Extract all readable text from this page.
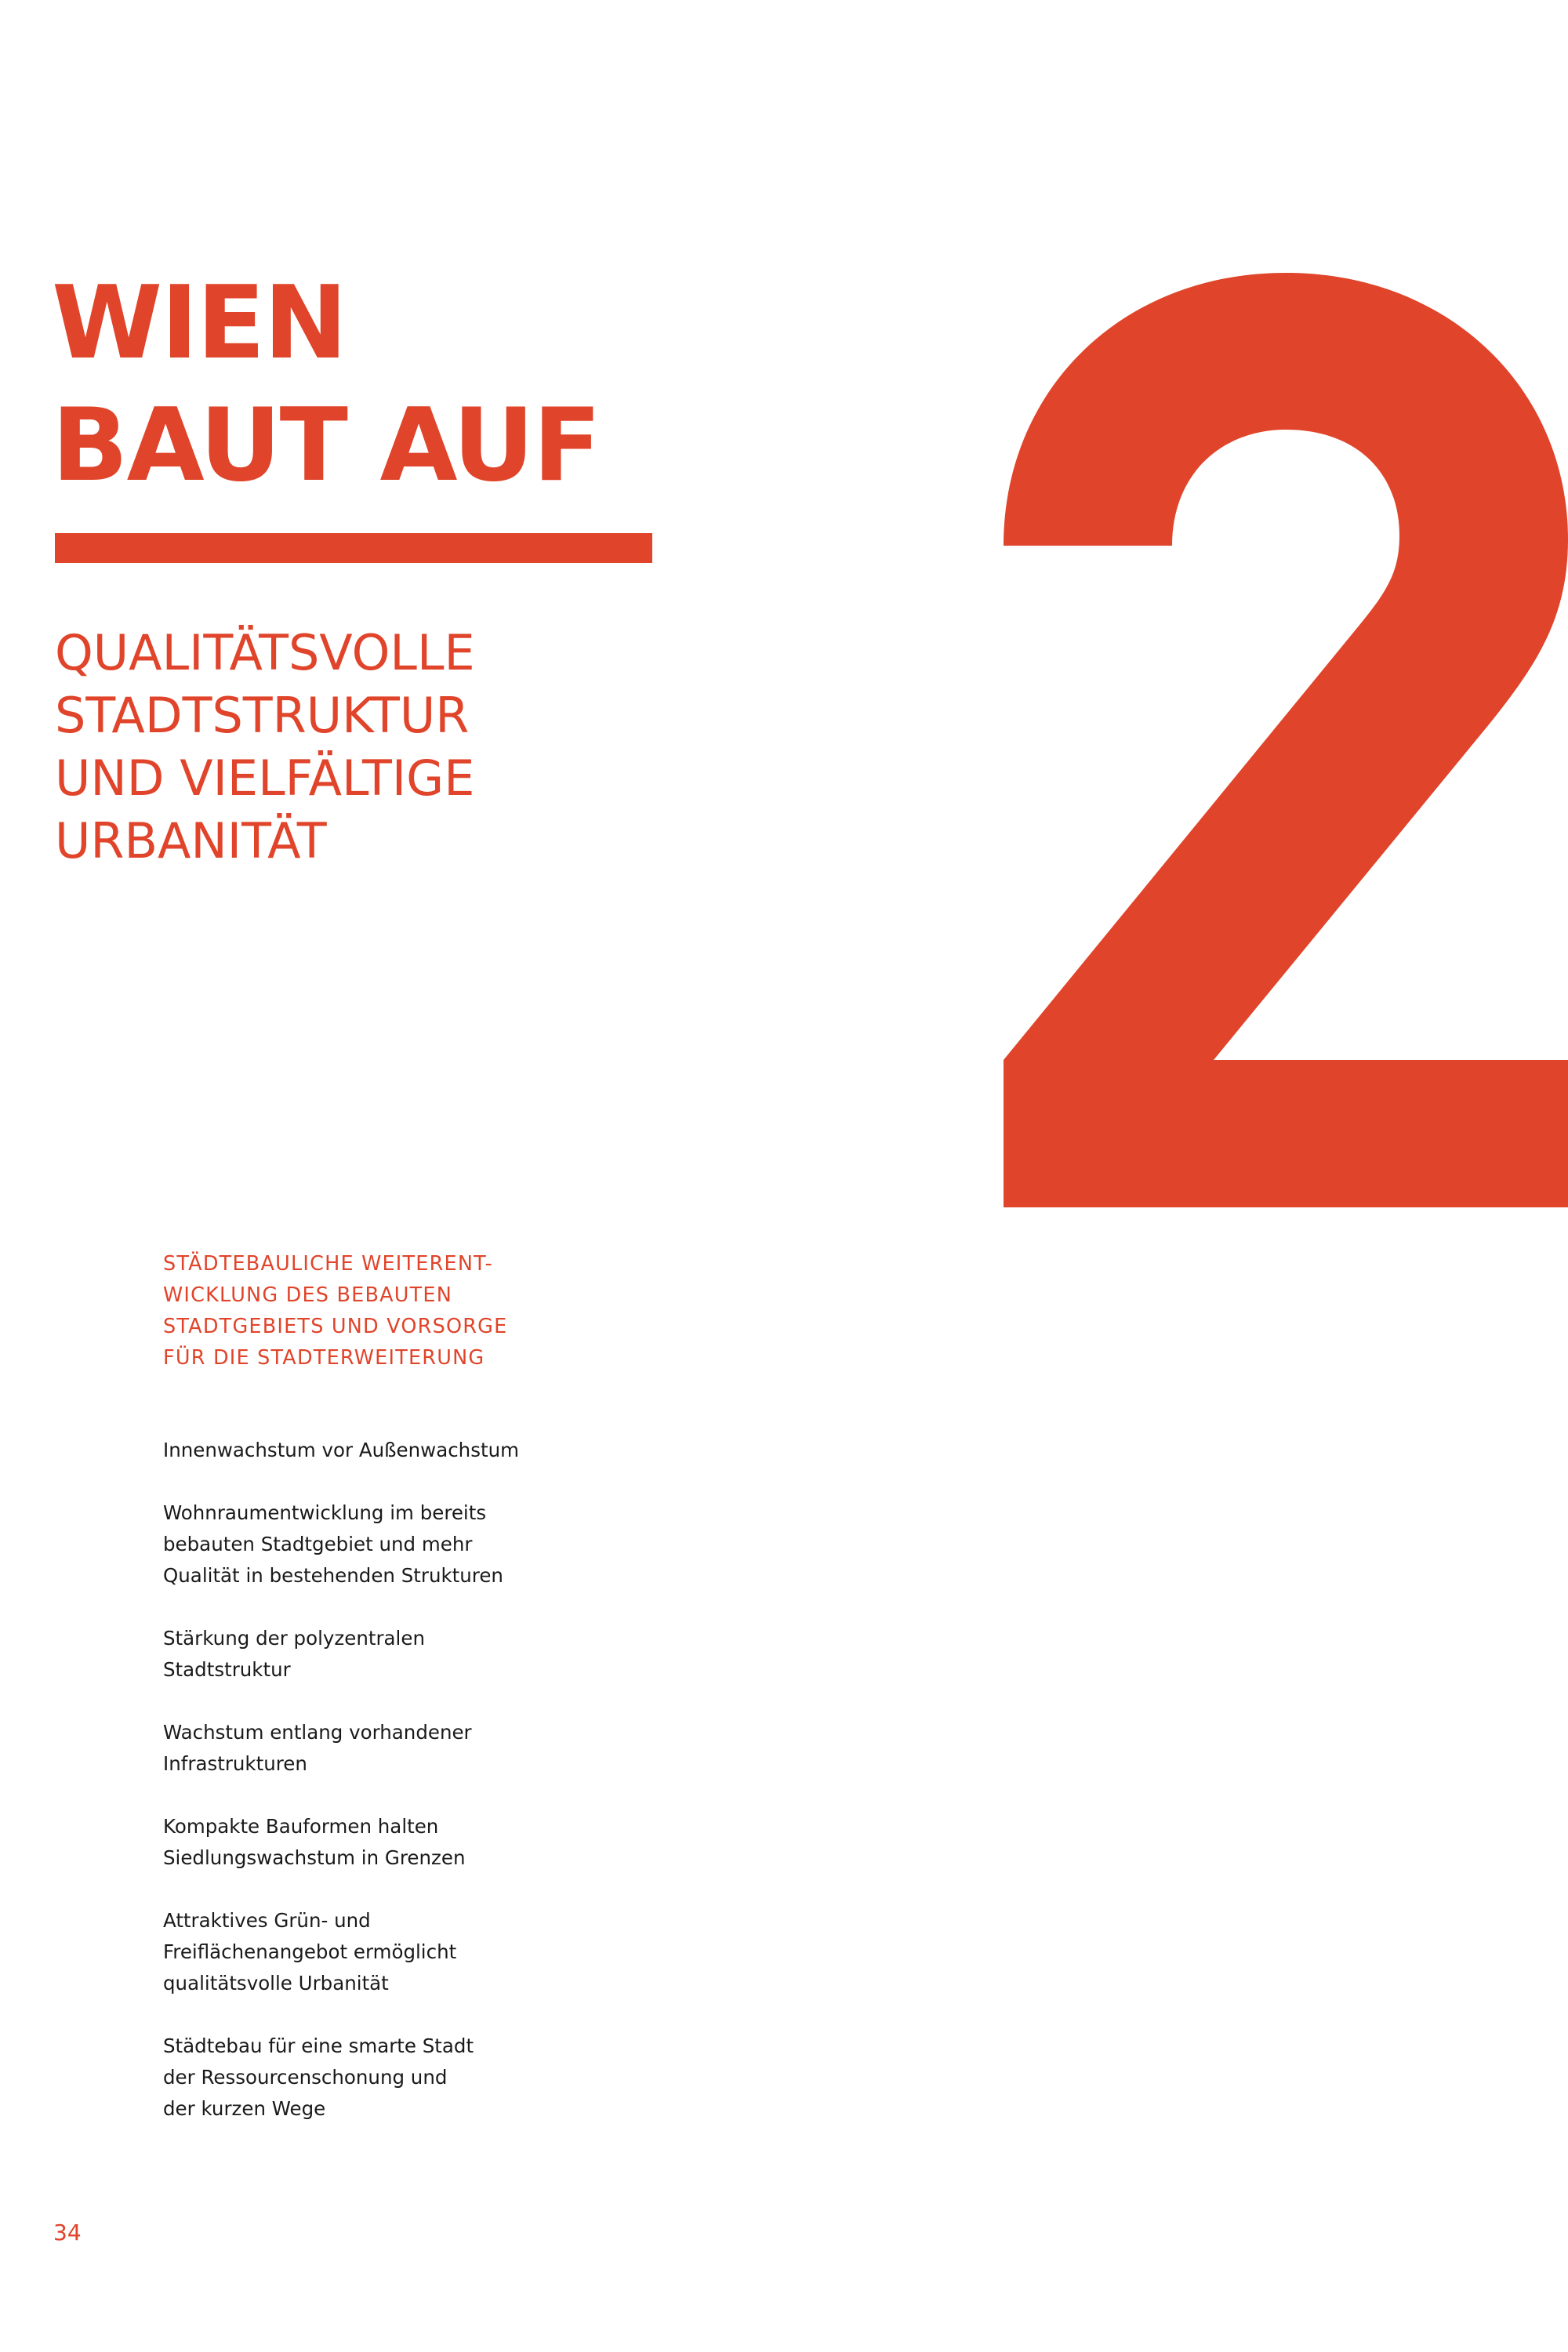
WIEN
BAUT AUF
QUALITÄTSVOLLE
STADTSTRUKTUR
UND VIELFÄLTIGE
URBANITÄT
STÄDTEBAULICHE WEITERENT-
WICKLUNG DES BEBAUTEN
STADTGEBIETS UND VORSORGE
FÜR DIE STADTERWEITERUNG
Innenwachstum vor Außenwachstum
Wohnraumentwicklung im bereits
bebauten Stadtgebiet und mehr
Qualität in bestehenden Strukturen
Stärkung der polyzentralen
Stadtstruktur
Wachstum entlang vorhandener
Infrastrukturen
Kompakte Bauformen halten
Siedlungswachstum in Grenzen
Attraktives Grün- und
Freiflächenangebot ermöglicht
qualitätsvolle Urbanität
Städtebau für eine smarte Stadt
der Ressourcenschonung und
der kurzen Wege
34
